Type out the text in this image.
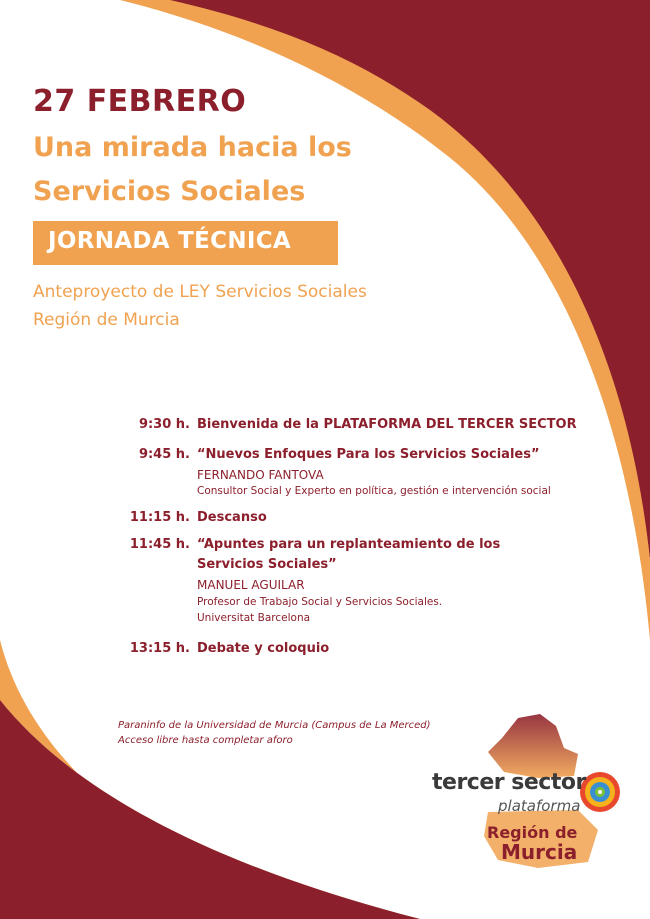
27 FEBRERO
Una mirada hacia los
Servicios Sociales
JORNADA TÉCNICA
Anteproyecto de LEY Servicios Sociales
Región de Murcia
9:30 h. Bienvenida de la PLATAFORMA DEL TERCER SECTOR
9:45 h. “Nuevos Enfoques Para los Servicios Sociales”
FERNANDO FANTOVA
Consultor Social y Experto en política, gestión e intervención social
11:15 h. Descanso
11:45 h. “Apuntes para un replanteamiento de los
Servicios Sociales”
MANUEL AGUILAR
Profesor de Trabajo Social y Servicios Sociales.
Universitat Barcelona
13:15 h. Debate y coloquio
Paraninfo de la Universidad de Murcia (Campus de La Merced)
Acceso libre hasta completar aforo
tercer sector
plataforma
Región de
Murcia
